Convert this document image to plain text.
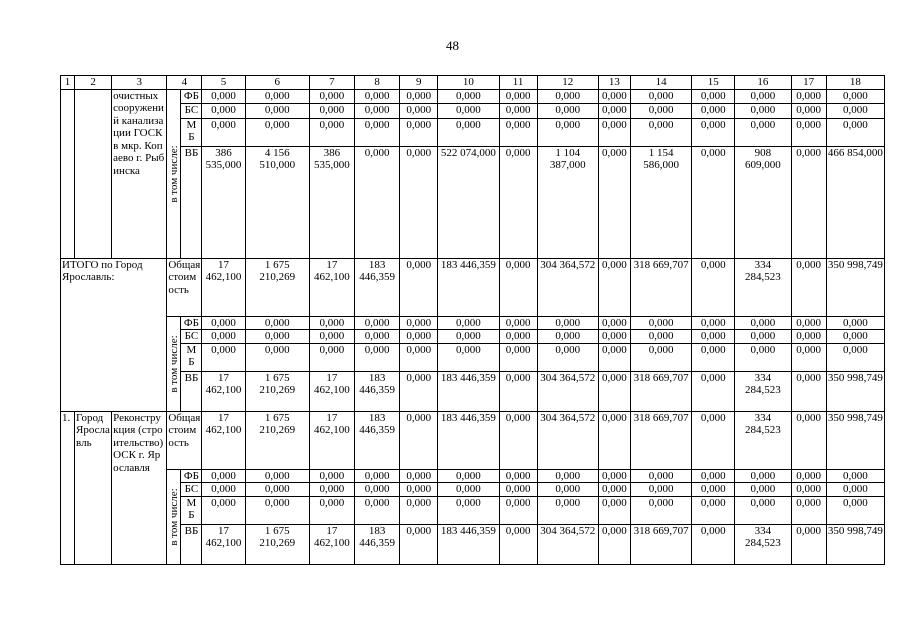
48
1	2	3	4		5	6	7	8	9	10	11	12	13	14	15	16	17	18
		очистных сооружений канализации ГОСК в мкр. Копаево г. Рыбинска	в том числе:	ФБ	0,000	0,000	0,000	0,000	0,000	0,000	0,000	0,000	0,000	0,000	0,000	0,000	0,000	0,000
				БС	0,000	0,000	0,000	0,000	0,000	0,000	0,000	0,000	0,000	0,000	0,000	0,000	0,000	0,000
				М Б	0,000	0,000	0,000	0,000	0,000	0,000	0,000	0,000	0,000	0,000	0,000	0,000	0,000	0,000
				ВБ	386 535,000	4 156 510,000	386 535,000	0,000	0,000	522 074,000	0,000	1 104 387,000	0,000	1 154 586,000	0,000	908 609,000	0,000	466 854,000
ИТОГО по Город Ярославль:			Общая стоимость		17 462,100	1 675 210,269	17 462,100	183 446,359	0,000	183 446,359	0,000	304 364,572	0,000	318 669,707	0,000	334 284,523	0,000	350 998,749

			в том числе:	ФБ	0,000	0,000	0,000	0,000	0,000	0,000	0,000	0,000	0,000	0,000	0,000	0,000	0,000	0,000
				БС	0,000	0,000	0,000	0,000	0,000	0,000	0,000	0,000	0,000	0,000	0,000	0,000	0,000	0,000
				М Б	0,000	0,000	0,000	0,000	0,000	0,000	0,000	0,000	0,000	0,000	0,000	0,000	0,000	0,000
				ВБ	17 462,100	1 675 210,269	17 462,100	183 446,359	0,000	183 446,359	0,000	304 364,572	0,000	318 669,707	0,000	334 284,523	0,000	350 998,749
1.	Город Ярославль	Реконструкция (строительство) ОСК г. Ярославля	Общая стоимость		17 462,100	1 675 210,269	17 462,100	183 446,359	0,000	183 446,359	0,000	304 364,572	0,000	318 669,707	0,000	334 284,523	0,000	350 998,749

			в том числе:	ФБ	0,000	0,000	0,000	0,000	0,000	0,000	0,000	0,000	0,000	0,000	0,000	0,000	0,000	0,000
				БС	0,000	0,000	0,000	0,000	0,000	0,000	0,000	0,000	0,000	0,000	0,000	0,000	0,000	0,000
				М Б	0,000	0,000	0,000	0,000	0,000	0,000	0,000	0,000	0,000	0,000	0,000	0,000	0,000	0,000
				ВБ	17 462,100	1 675 210,269	17 462,100	183 446,359	0,000	183 446,359	0,000	304 364,572	0,000	318 669,707	0,000	334 284,523	0,000	350 998,749
